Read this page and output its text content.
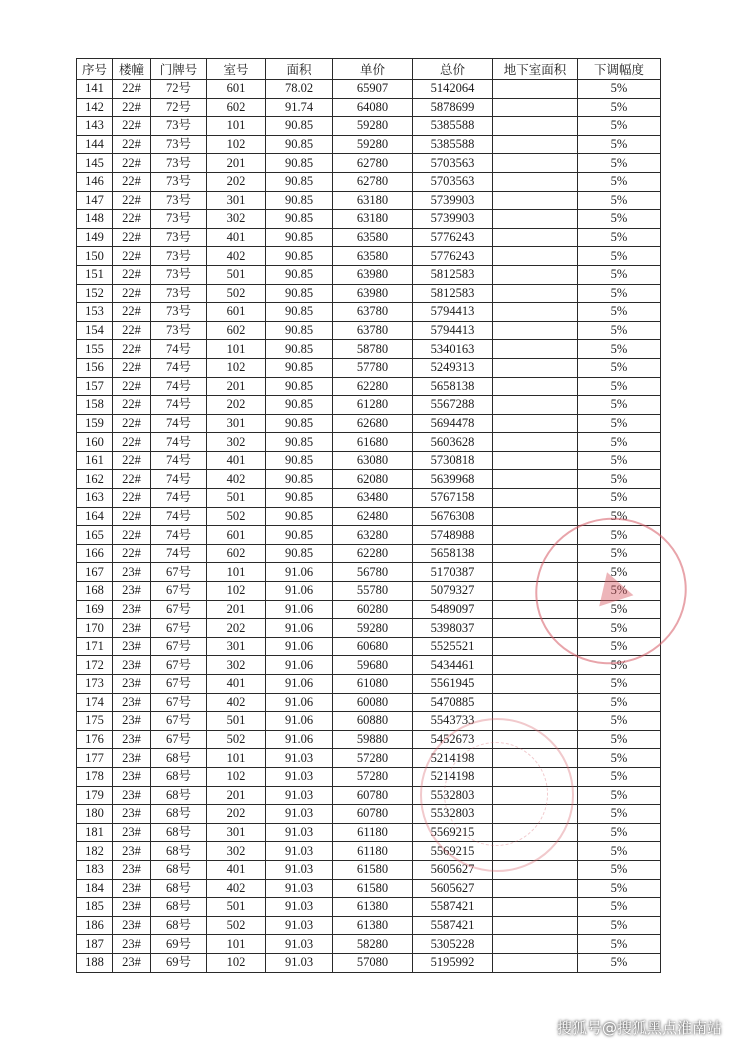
序号	楼幢	门牌号	室号	面积	单价	总价	地下室面积	下调幅度
141	22#	72号	601	78.02	65907	5142064		5%
142	22#	72号	602	91.74	64080	5878699		5%
143	22#	73号	101	90.85	59280	5385588		5%
144	22#	73号	102	90.85	59280	5385588		5%
145	22#	73号	201	90.85	62780	5703563		5%
146	22#	73号	202	90.85	62780	5703563		5%
147	22#	73号	301	90.85	63180	5739903		5%
148	22#	73号	302	90.85	63180	5739903		5%
149	22#	73号	401	90.85	63580	5776243		5%
150	22#	73号	402	90.85	63580	5776243		5%
151	22#	73号	501	90.85	63980	5812583		5%
152	22#	73号	502	90.85	63980	5812583		5%
153	22#	73号	601	90.85	63780	5794413		5%
154	22#	73号	602	90.85	63780	5794413		5%
155	22#	74号	101	90.85	58780	5340163		5%
156	22#	74号	102	90.85	57780	5249313		5%
157	22#	74号	201	90.85	62280	5658138		5%
158	22#	74号	202	90.85	61280	5567288		5%
159	22#	74号	301	90.85	62680	5694478		5%
160	22#	74号	302	90.85	61680	5603628		5%
161	22#	74号	401	90.85	63080	5730818		5%
162	22#	74号	402	90.85	62080	5639968		5%
163	22#	74号	501	90.85	63480	5767158		5%
164	22#	74号	502	90.85	62480	5676308		5%
165	22#	74号	601	90.85	63280	5748988		5%
166	22#	74号	602	90.85	62280	5658138		5%
167	23#	67号	101	91.06	56780	5170387		5%
168	23#	67号	102	91.06	55780	5079327		5%
169	23#	67号	201	91.06	60280	5489097		5%
170	23#	67号	202	91.06	59280	5398037		5%
171	23#	67号	301	91.06	60680	5525521		5%
172	23#	67号	302	91.06	59680	5434461		5%
173	23#	67号	401	91.06	61080	5561945		5%
174	23#	67号	402	91.06	60080	5470885		5%
175	23#	67号	501	91.06	60880	5543733		5%
176	23#	67号	502	91.06	59880	5452673		5%
177	23#	68号	101	91.03	57280	5214198		5%
178	23#	68号	102	91.03	57280	5214198		5%
179	23#	68号	201	91.03	60780	5532803		5%
180	23#	68号	202	91.03	60780	5532803		5%
181	23#	68号	301	91.03	61180	5569215		5%
182	23#	68号	302	91.03	61180	5569215		5%
183	23#	68号	401	91.03	61580	5605627		5%
184	23#	68号	402	91.03	61580	5605627		5%
185	23#	68号	501	91.03	61380	5587421		5%
186	23#	68号	502	91.03	61380	5587421		5%
187	23#	69号	101	91.03	58280	5305228		5%
188	23#	69号	102	91.03	57080	5195992		5%
搜狐号@搜狐黑点淮南站
